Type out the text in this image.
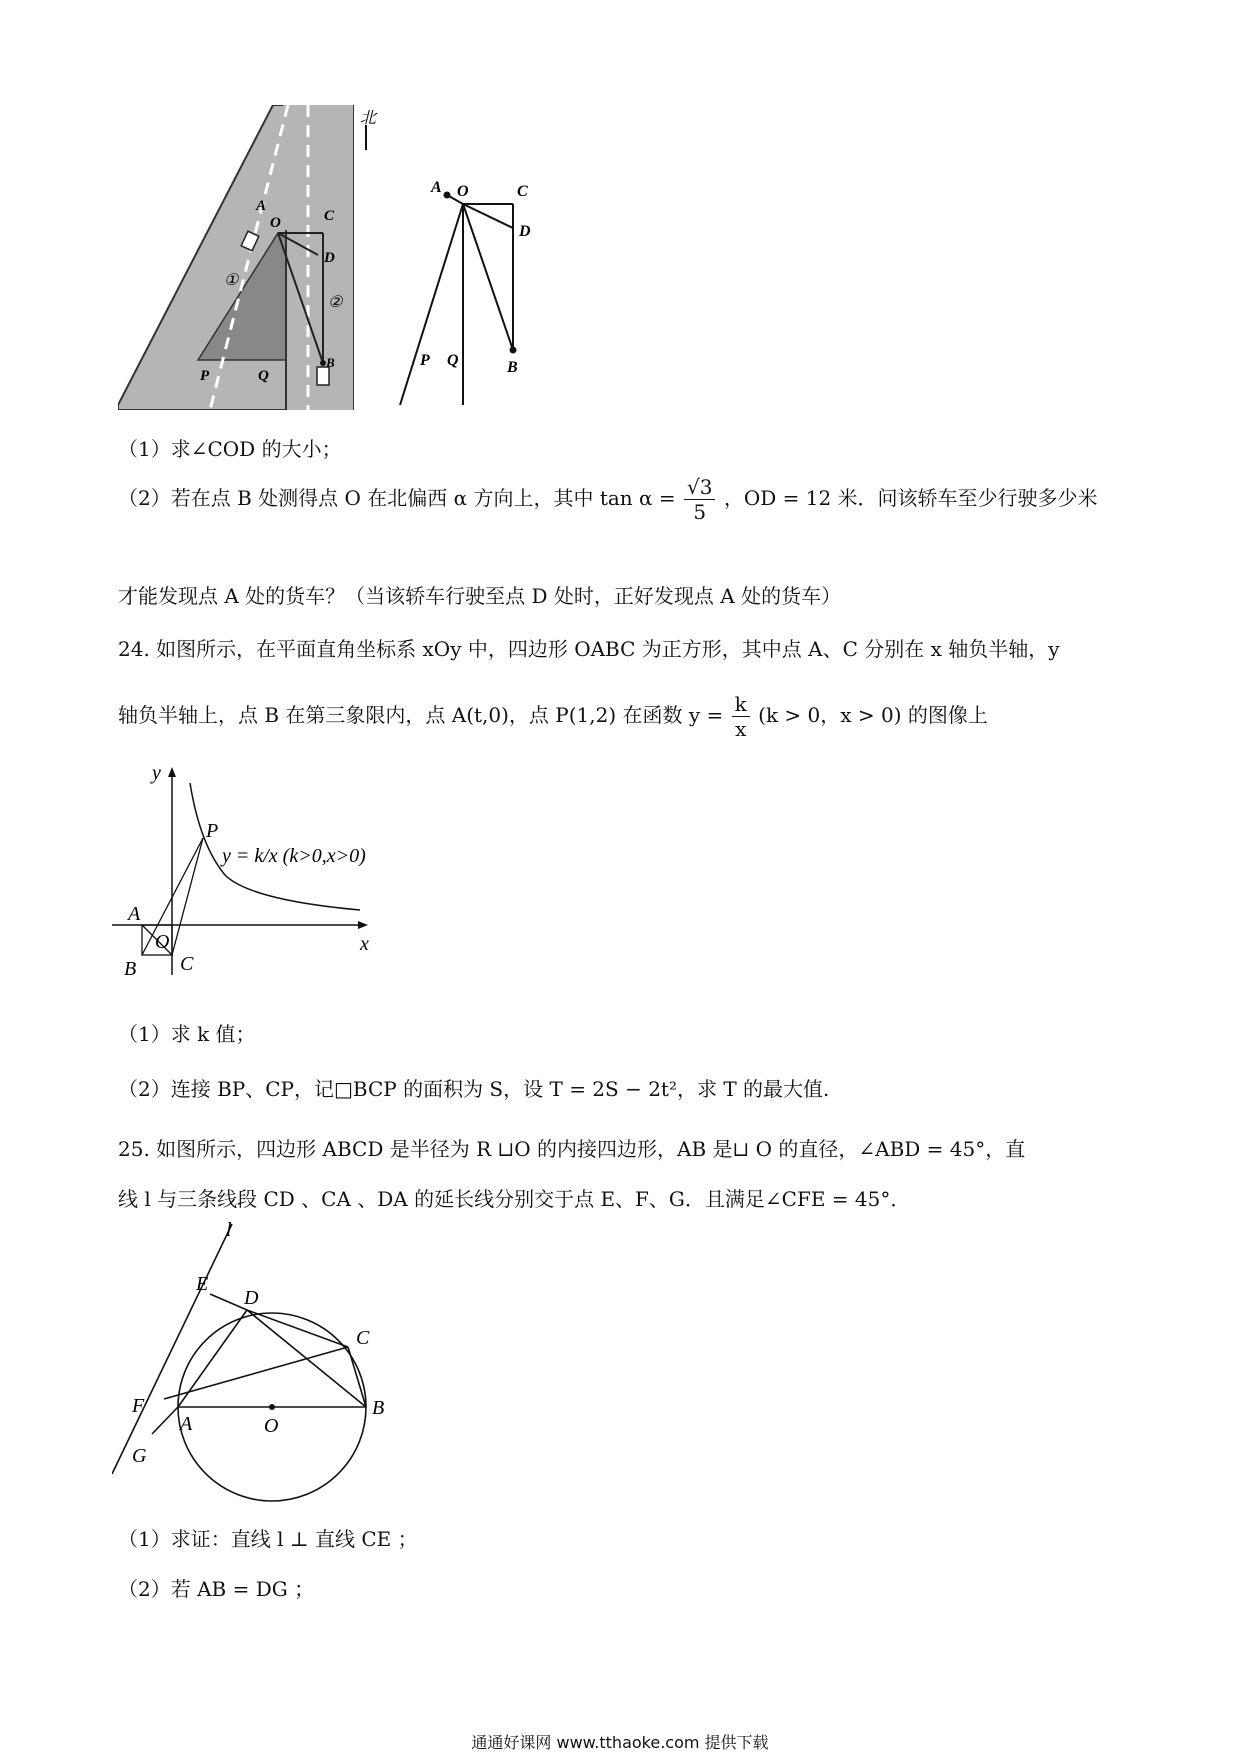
北
A
O	C
D
B
P	Q
①
②
A O	C
D
B
P Q
（1）求∠COD 的大小；
（2）若在点 B 处测得点 O 在北偏西 α 方向上，其中 $\tan \alpha = \frac{√3}{5}$ ，OD = 12 米．问该轿车至少行驶多少米
才能发现点 A 处的货车？（当该轿车行驶至点 D 处时，正好发现点 A 处的货车）
24. 如图所示，在平面直角坐标系 xOy 中，四边形 OABC 为正方形，其中点 A、C 分别在 x 轴负半轴，y
轴负半轴上，点 B 在第三象限内，点 A(t,0)，点 P(1,2) 在函数 $y = \frac{k}{x} (k > 0$，x > 0) 的图像上
y
x
P
A
O
B C
y = k/x (k>0,x>0)
（1）求 k 值；
（2）连接 BP、CP，记□BCP 的面积为 S，设 T = 2S − 2t²，求 T 的最大值.
25. 如图所示，四边形 ABCD 是半径为 R ⊔O 的内接四边形，AB 是⊔ O 的直径，∠ABD = 45°，直
线 l 与三条线段 CD 、CA 、DA 的延长线分别交于点 E、F、G．且满足∠CFE = 45°．
l
E
D
C
F
A	O
B
G
（1）求证：直线 l ⊥ 直线 CE ；
（2）若 AB = DG ；
通通好课网 www.tthaoke.com 提供下载
